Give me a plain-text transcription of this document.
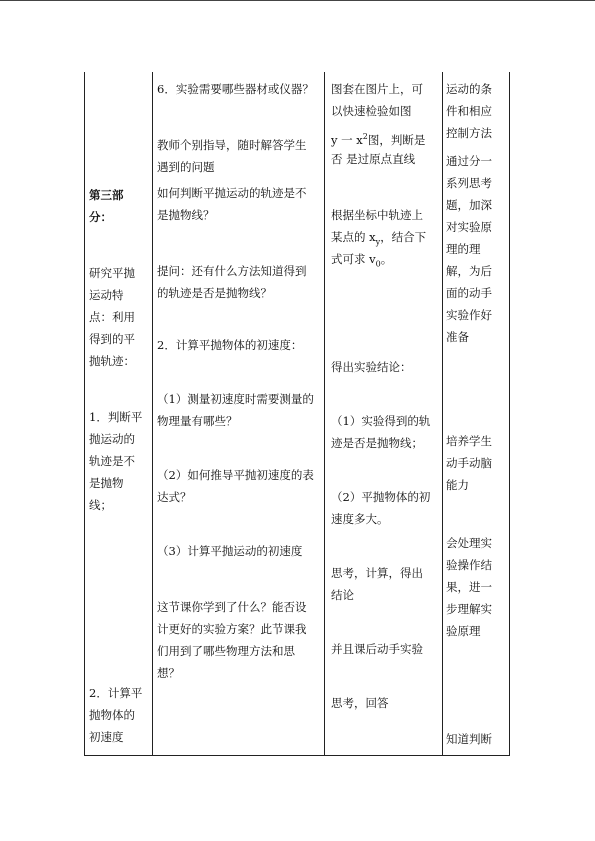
第三部
分：
研究平抛
运动特
点：利用
得到的平
抛轨迹：
1．判断平
抛运动的
轨迹是不
是抛物
线；
2．计算平
抛物体的
初速度
6．实验需要哪些器材或仪器？
教师个别指导，随时解答学生
遇到的问题
如何判断平抛运动的轨迹是不
是抛物线？
提问：还有什么方法知道得到
的轨迹是否是抛物线？
2．计算平抛物体的初速度：
（1）测量初速度时需要测量的
物理量有哪些？
（2）如何推导平抛初速度的表
达式？
（3）计算平抛运动的初速度
这节课你学到了什么？能否设
计更好的实验方案？此节课我
们用到了哪些物理方法和思
想？
图套在图片上，可
以快速检验如图
y 一 $x^2$图，判断是
否 是过原点直线
根据坐标中轨迹上
某点的 $x_y$，结合下
式可求 $v_0$。
得出实验结论：
（1）实验得到的轨
迹是否是抛物线；
（2）平抛物体的初
速度多大。
思考，计算，得出
结论
并且课后动手实验
思考，回答
运动的条
件和相应
控制方法
通过分一
系列思考
题，加深
对实验原
理的理
解，为后
面的动手
实验作好
准备
培养学生
动手动脑
能力
会处理实
验操作结
果，进一
步理解实
验原理
知道判断
